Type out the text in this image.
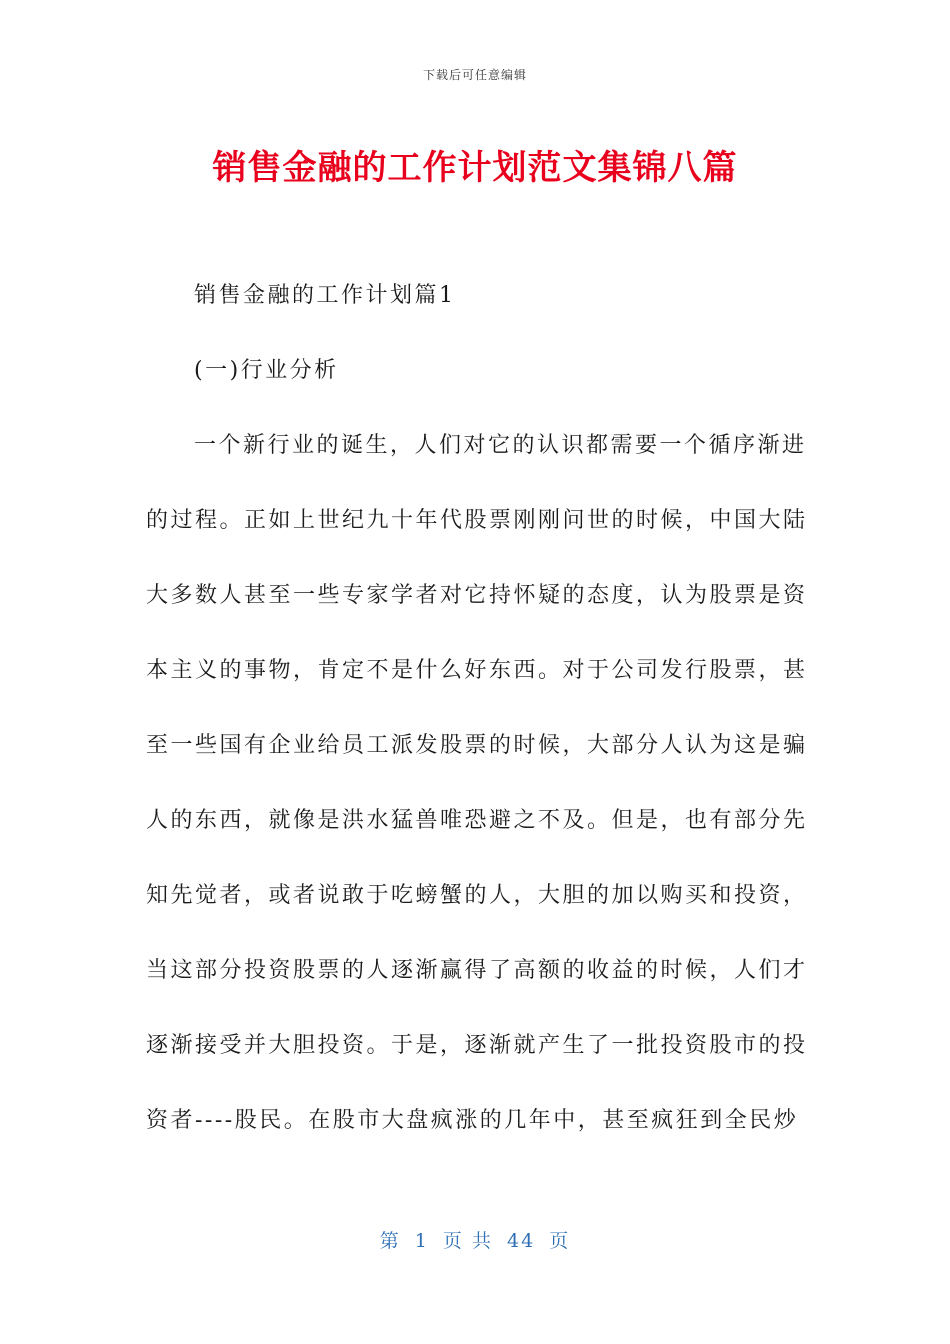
下载后可任意编辑
销售金融的工作计划范文集锦八篇
销售金融的工作计划篇1
(一)行业分析
一个新行业的诞生，人们对它的认识都需要一个循序渐进
的过程。正如上世纪九十年代股票刚刚问世的时候，中国大陆
大多数人甚至一些专家学者对它持怀疑的态度，认为股票是资
本主义的事物，肯定不是什么好东西。对于公司发行股票，甚
至一些国有企业给员工派发股票的时候，大部分人认为这是骗
人的东西，就像是洪水猛兽唯恐避之不及。但是，也有部分先
知先觉者，或者说敢于吃螃蟹的人，大胆的加以购买和投资，
当这部分投资股票的人逐渐赢得了高额的收益的时候，人们才
逐渐接受并大胆投资。于是，逐渐就产生了一批投资股市的投
资者----股民。在股市大盘疯涨的几年中，甚至疯狂到全民炒
第 1 页 共 44 页
